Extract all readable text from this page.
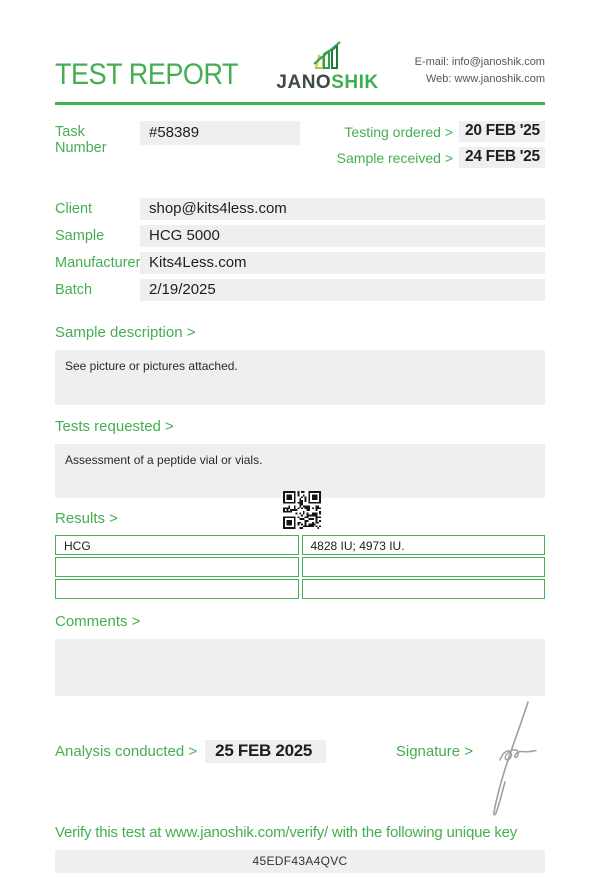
TEST REPORT JANOSHIK
E-mail: info@janoshik.com
Web: www.janoshik.com
Task Number
#58389	Testing ordered > 20 FEB '25
Sample received > 24 FEB '25
Client	shop@kits4less.com
Sample	HCG 5000
Manufacturer Kits4Less.com
Batch	2/19/2025
Sample description >
See picture or pictures attached.
Tests requested >
Assessment of a peptide vial or vials.
Results >
HCG	4828 IU; 4973 IU.
Comments >
Analysis conducted >	25 FEB 2025	Signature >
Verify this test at www.janoshik.com/verify/ with the following unique key
45EDF43A4QVC
